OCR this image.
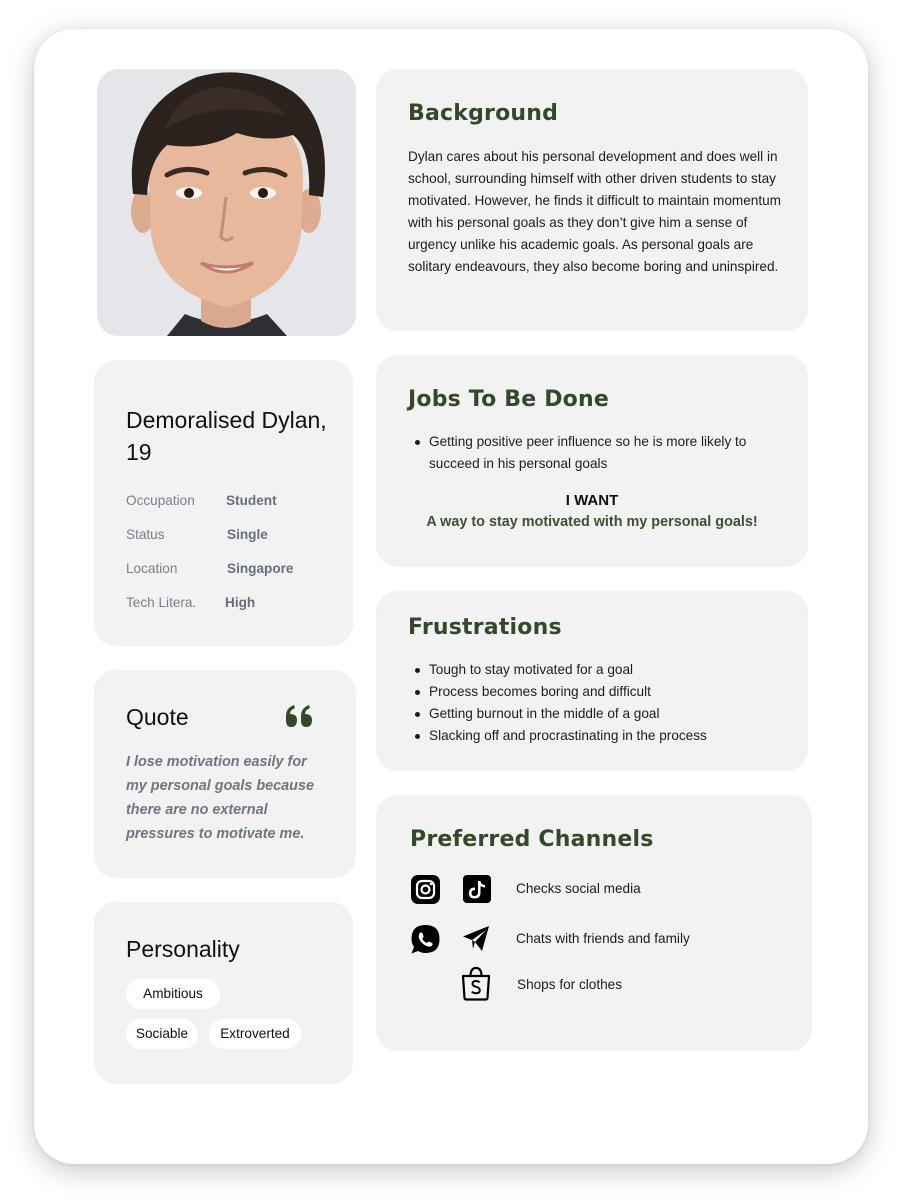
Background
Dylan cares about his personal development and does well in school, surrounding himself with other driven students to stay motivated. However, he finds it difficult to maintain momentum with his personal goals as they don’t give him a sense of urgency unlike his academic goals. As personal goals are solitary endeavours, they also become boring and uninspired.
Demoralised Dylan, 19
Occupation Student
Status	Single
Location	Singapore
Tech Litera. High
Quote
I lose motivation easily for my personal goals because there are no external pressures to motivate me.
Personality
Ambitious
Sociable	Extroverted
Jobs To Be Done
Getting positive peer influence so he is more likely to succeed in his personal goals
I WANT
A way to stay motivated with my personal goals!
Frustrations
Tough to stay motivated for a goal
Process becomes boring and difficult
Getting burnout in the middle of a goal
Slacking off and procrastinating in the process
Preferred Channels
Checks social media
Chats with friends and family
Shops for clothes
